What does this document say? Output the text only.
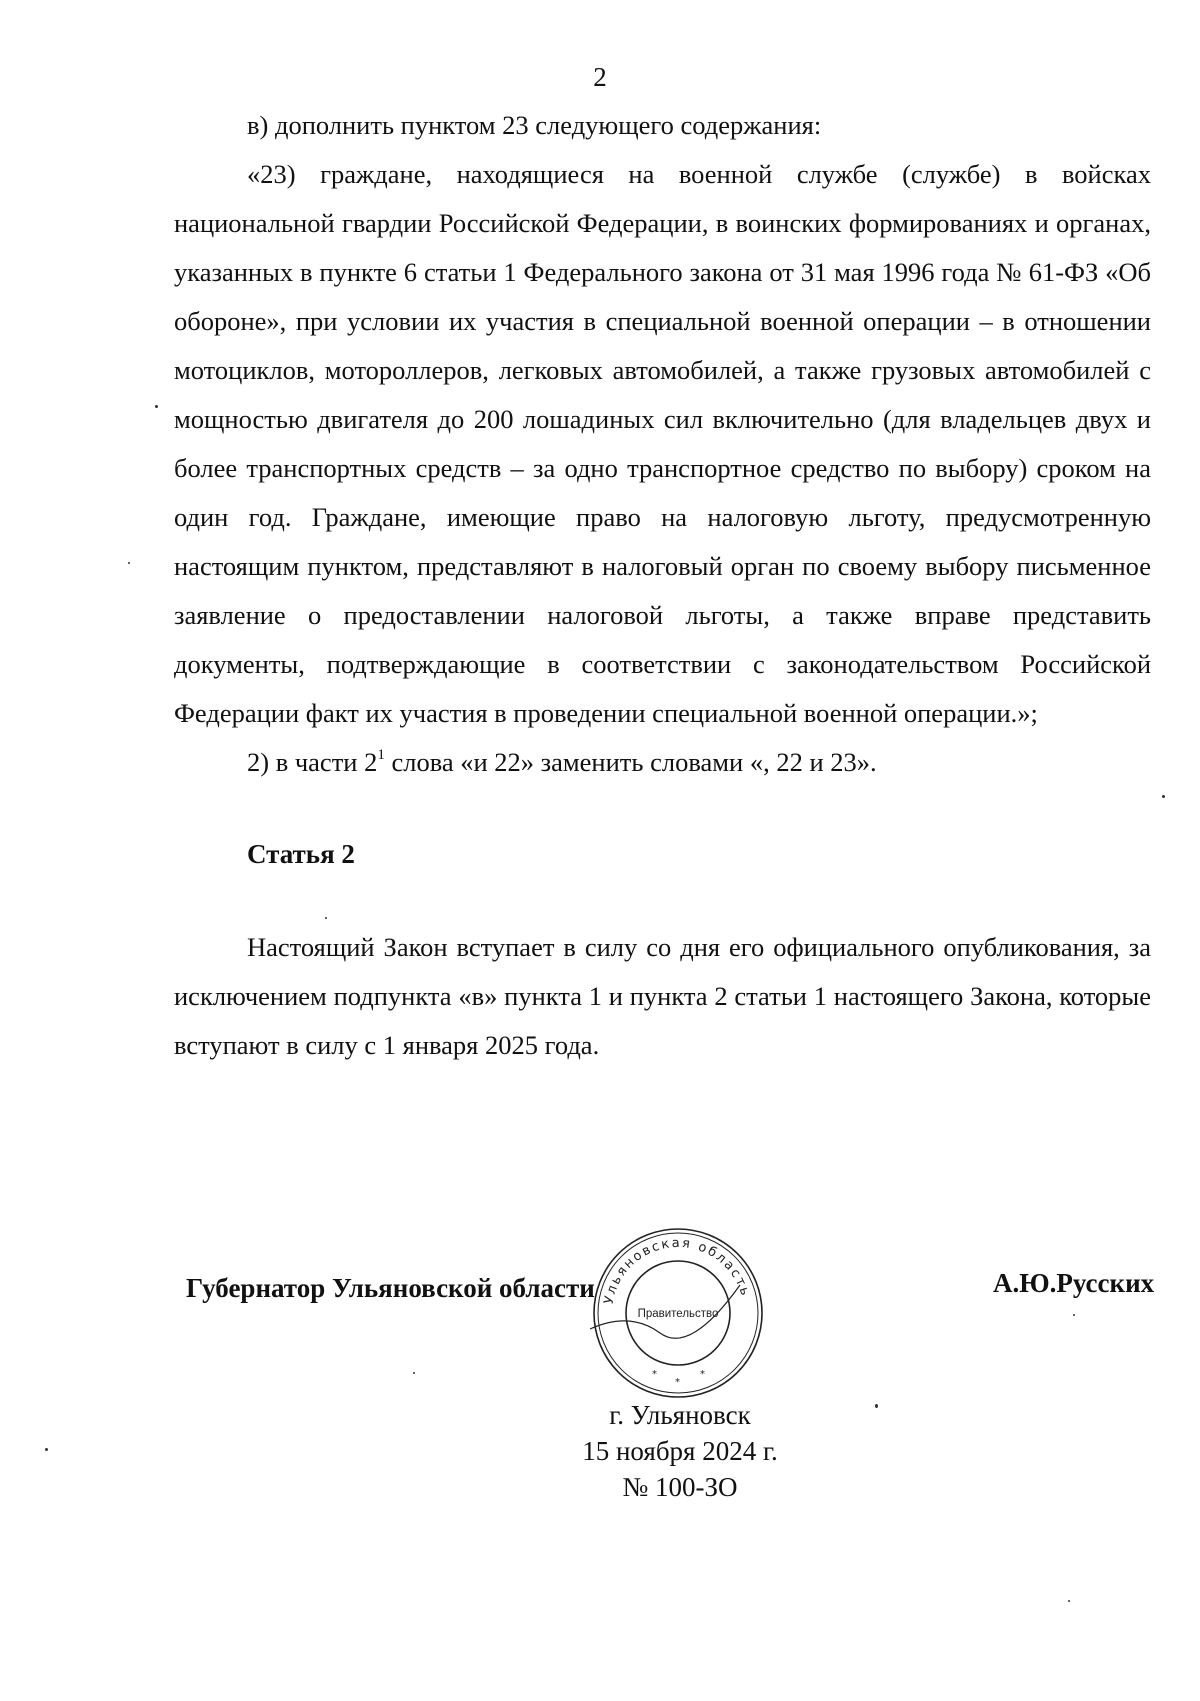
2

в) дополнить пунктом 23 следующего содержания:

«23) граждане, находящиеся на военной службе (службе) в войсках национальной гвардии Российской Федерации, в воинских формированиях и органах, указанных в пункте 6 статьи 1 Федерального закона от 31 мая 1996 года № 61-ФЗ «Об обороне», при условии их участия в специальной военной операции – в отношении мотоциклов, мотороллеров, легковых автомобилей, а также грузовых автомобилей с мощностью двигателя до 200 лошадиных сил включительно (для владельцев двух и более транспортных средств – за одно транспортное средство по выбору) сроком на один год. Граждане, имеющие право на налоговую льготу, предусмотренную настоящим пунктом, представляют в налоговый орган по своему выбору письменное заявление о предоставлении налоговой льготы, а также вправе представить документы, подтверждающие в соответствии с законодательством Российской Федерации факт их участия в проведении специальной военной операции.»;

2) в части $2^1$ слова «и 22» заменить словами «, 22 и 23».

Статья 2

Настоящий Закон вступает в силу со дня его официального опубликования, за исключением подпункта «в» пункта 1 и пункта 2 статьи 1 настоящего Закона, которые вступают в силу с 1 января 2025 года.

Губернатор Ульяновской области Ульяновская область
Правительство
*
*
*
А.Ю.Русских
г. Ульяновск
15 ноября 2024 г.
№ 100-ЗО
